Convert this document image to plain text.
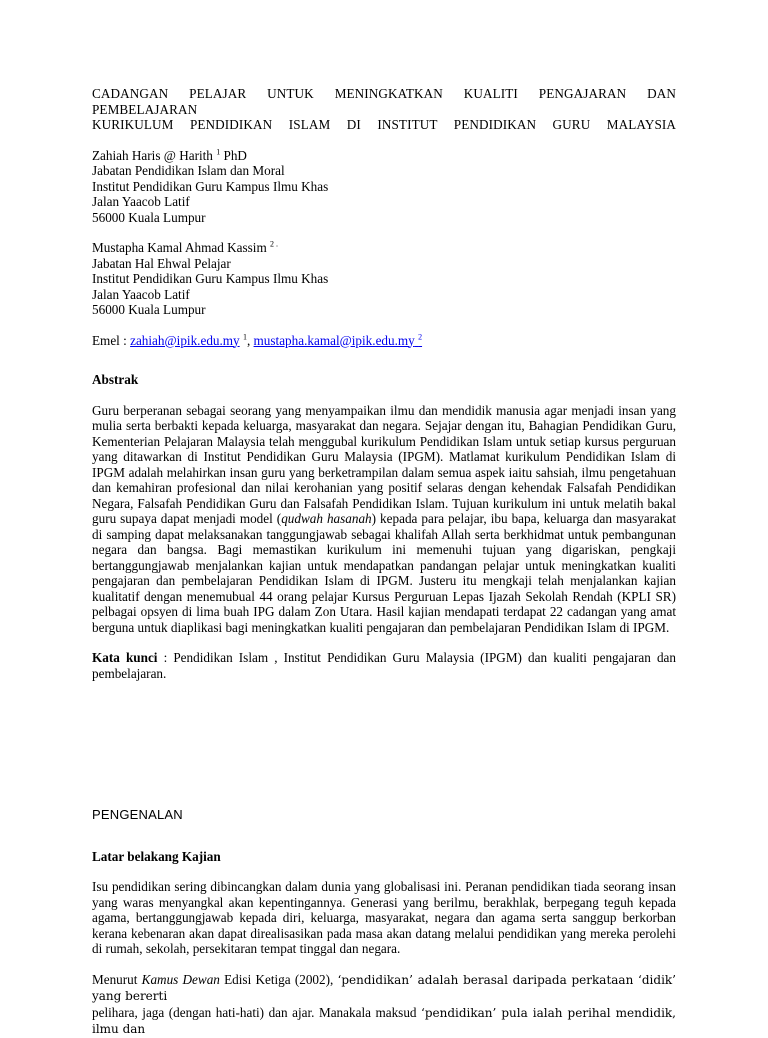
CADANGAN PELAJAR UNTUK MENINGKATKAN KUALITI PENGAJARAN DAN PEMBELAJARAN
KURIKULUM PENDIDIKAN ISLAM DI INSTITUT PENDIDIKAN GURU MALAYSIA
Zahiah Haris @ Harith $^1$ PhD
Jabatan Pendidikan Islam dan Moral
Institut Pendidikan Guru Kampus Ilmu Khas
Jalan Yaacob Latif
56000 Kuala Lumpur
Mustapha Kamal Ahmad Kassim $^{2 .}$
Jabatan Hal Ehwal Pelajar
Institut Pendidikan Guru Kampus Ilmu Khas
Jalan Yaacob Latif
56000 Kuala Lumpur
Emel : zahiah@ipik.edu.my $^1$, mustapha.kamal@ipik.edu.my $^2$
Abstrak
Guru berperanan sebagai seorang yang menyampaikan ilmu dan mendidik manusia agar menjadi insan yang mulia serta berbakti kepada keluarga, masyarakat dan negara. Sejajar dengan itu, Bahagian Pendidikan Guru, Kementerian Pelajaran Malaysia telah menggubal kurikulum Pendidikan Islam untuk setiap kursus perguruan yang ditawarkan di Institut Pendidikan Guru Malaysia (IPGM). Matlamat kurikulum Pendidikan Islam di IPGM adalah melahirkan insan guru yang berketrampilan dalam semua aspek iaitu sahsiah, ilmu pengetahuan dan kemahiran profesional dan nilai kerohanian yang positif selaras dengan kehendak Falsafah Pendidikan Negara, Falsafah Pendidikan Guru dan Falsafah Pendidikan Islam. Tujuan kurikulum ini untuk melatih bakal guru supaya dapat menjadi model (qudwah hasanah) kepada para pelajar, ibu bapa, keluarga dan masyarakat di samping dapat melaksanakan tanggungjawab sebagai khalifah Allah serta berkhidmat untuk pembangunan negara dan bangsa. Bagi memastikan kurikulum ini memenuhi tujuan yang digariskan, pengkaji bertanggungjawab menjalankan kajian untuk mendapatkan pandangan pelajar untuk meningkatkan kualiti pengajaran dan pembelajaran Pendidikan Islam di IPGM. Justeru itu mengkaji telah menjalankan kajian kualitatif dengan menemubual 44 orang pelajar Kursus Perguruan Lepas Ijazah Sekolah Rendah (KPLI SR) pelbagai opsyen di lima buah IPG dalam Zon Utara. Hasil kajian mendapati terdapat 22 cadangan yang amat berguna untuk diaplikasi bagi meningkatkan kualiti pengajaran dan pembelajaran Pendidikan Islam di IPGM.
Kata kunci : Pendidikan Islam , Institut Pendidikan Guru Malaysia (IPGM) dan kualiti pengajaran dan pembelajaran.
PENGENALAN
Latar belakang Kajian
Isu pendidikan sering dibincangkan dalam dunia yang globalisasi ini. Peranan pendidikan tiada seorang insan yang waras menyangkal akan kepentingannya. Generasi yang berilmu, berakhlak, berpegang teguh kepada agama, bertanggungjawab kepada diri, keluarga, masyarakat, negara dan agama serta sanggup berkorban kerana kebenaran akan dapat direalisasikan pada masa akan datang melalui pendidikan yang mereka perolehi di rumah, sekolah, persekitaran tempat tinggal dan negara.
Menurut Kamus Dewan Edisi Ketiga (2002), ‘pendidikan’ adalah berasal daripada perkataan ‘didik’ yang bererti
pelihara, jaga (dengan hati-hati) dan ajar. Manakala maksud ‘pendidikan’ pula ialah perihal mendidik, ilmu dan
